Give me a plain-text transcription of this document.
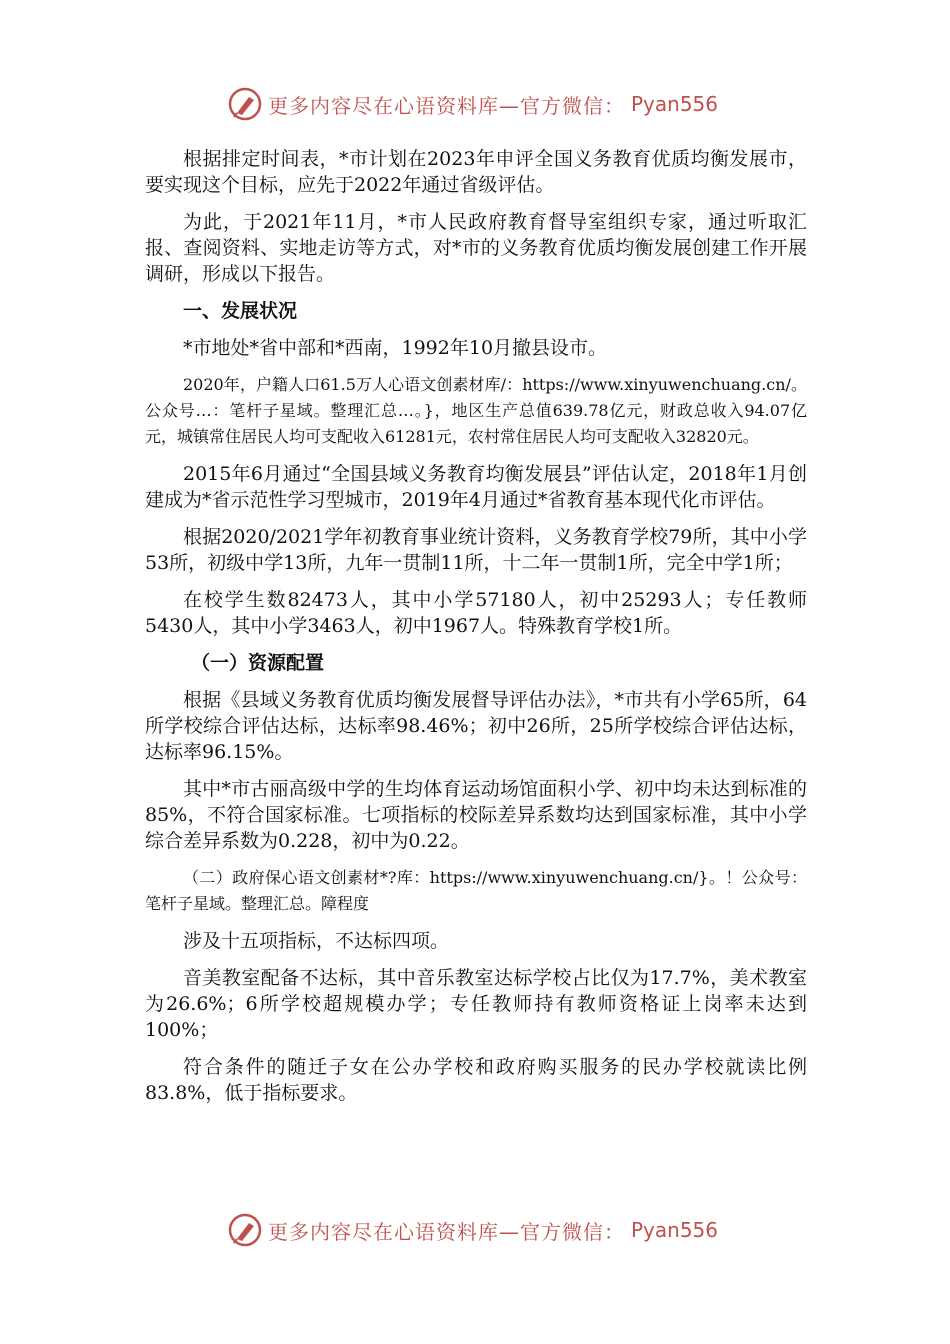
更多内容尽在心语资料库—官方微信： Pyan556

根据排定时间表，*市计划在2023年申评全国义务教育优质均衡发展市，要实现这个目标，应先于2022年通过省级评估。

为此，于2021年11月，*市人民政府教育督导室组织专家，通过听取汇报、查阅资料、实地走访等方式，对*市的义务教育优质均衡发展创建工作开展调研，形成以下报告。

一、发展状况

*市地处*省中部和*西南，1992年10月撤县设市。

2020年，户籍人口61.5万人心语文创素材库/：https://www.xinyuwenchuang.cn/。公众号…：笔杆子星域。整理汇总…。}，地区生产总值639.78亿元，财政总收入94.07亿元，城镇常住居民人均可支配收入61281元，农村常住居民人均可支配收入32820元。

2015年6月通过“全国县域义务教育均衡发展县”评估认定，2018年1月创建成为*省示范性学习型城市，2019年4月通过*省教育基本现代化市评估。

根据2020/2021学年初教育事业统计资料，义务教育学校79所，其中小学53所，初级中学13所，九年一贯制11所，十二年一贯制1所，完全中学1所；

在校学生数82473人，其中小学57180人，初中25293人；专任教师5430人，其中小学3463人，初中1967人。特殊教育学校1所。

（一）资源配置

根据《县域义务教育优质均衡发展督导评估办法》，*市共有小学65所，64所学校综合评估达标，达标率98.46%；初中26所，25所学校综合评估达标，达标率96.15%。

其中*市古丽高级中学的生均体育运动场馆面积小学、初中均未达到标准的85%，不符合国家标准。七项指标的校际差异系数均达到国家标准，其中小学综合差异系数为0.228，初中为0.22。

（二）政府保心语文创素材*?库：https://www.xinyuwenchuang.cn/}。！公众号：笔杆子星域。整理汇总。障程度

涉及十五项指标，不达标四项。

音美教室配备不达标，其中音乐教室达标学校占比仅为17.7%，美术教室为26.6%；6所学校超规模办学；专任教师持有教师资格证上岗率未达到100%；

符合条件的随迁子女在公办学校和政府购买服务的民办学校就读比例83.8%，低于指标要求。

更多内容尽在心语资料库—官方微信： Pyan556
